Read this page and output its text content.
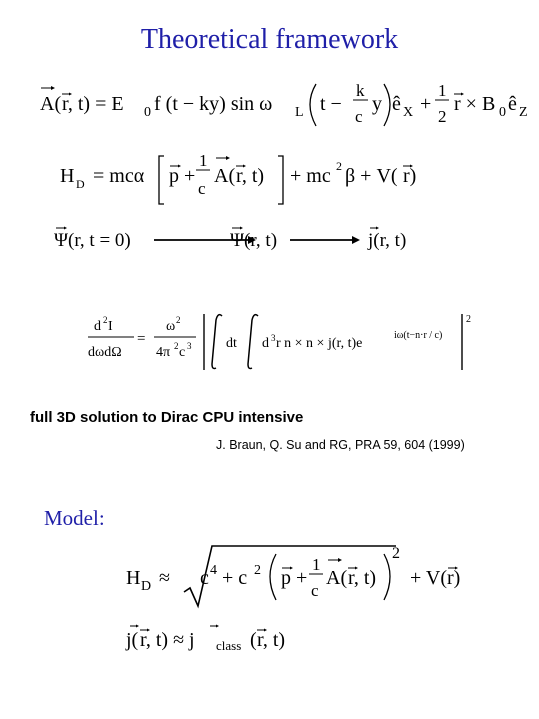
Theoretical framework
A( r, t) = E 0 f (t − ky) sin ω L t −
k
c
y ê X +
1
2
r × B 0 ê Z
H D = mcα p +
1
c
A( r, t) + mc 2 β + V( r)
Ψ(r, t = 0)	Ψ(r, t)	j(r, t)
d 2 I
dωdΩ
=
ω 2
4π 2 c 3 dt d 3 r n × n × j(r, t)e
iω(t−n·r / c)
2
full 3D solution to Dirac CPU intensive
J. Braun, Q. Su and RG, PRA 59, 604 (1999)
Model:
H D ≈ c 4 + c 2 p +
1
c
A( r, t)
2
+ V( r)
j( r, t) ≈ j class ( r, t)
